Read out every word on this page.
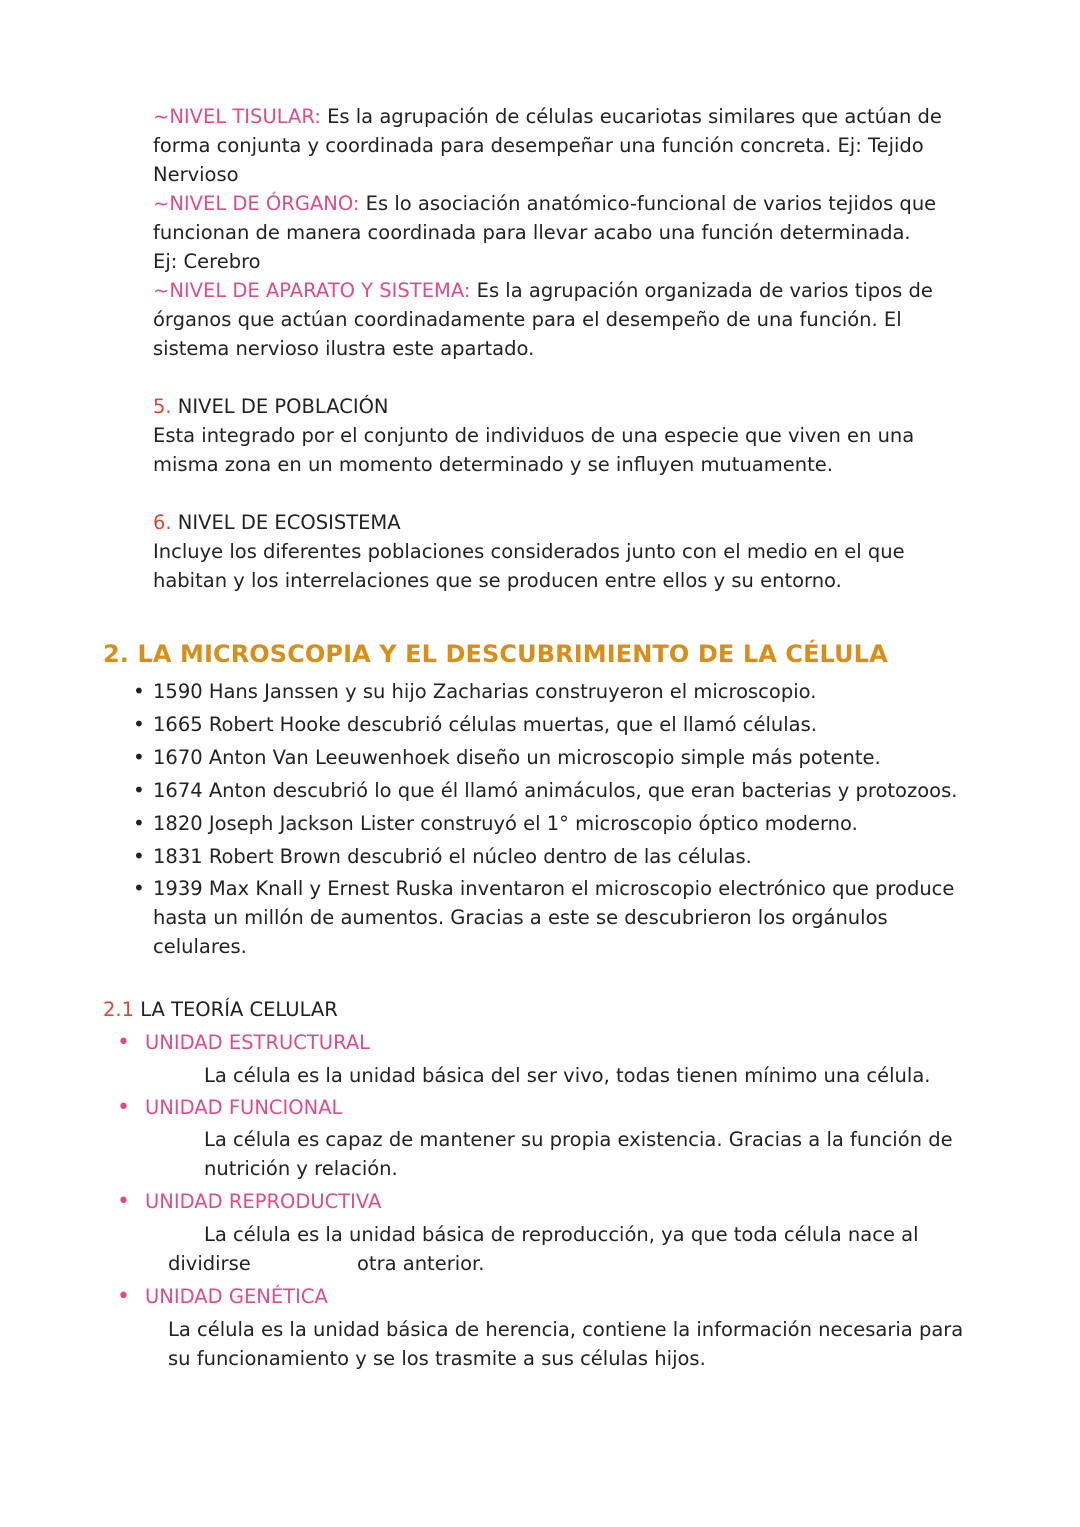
~NIVEL TISULAR: Es la agrupación de células eucariotas similares que actúan de
forma conjunta y coordinada para desempeñar una función concreta. Ej: Tejido
Nervioso
~NIVEL DE ÓRGANO: Es lo asociación anatómico-funcional de varios tejidos que
funcionan de manera coordinada para llevar acabo una función determinada.
Ej: Cerebro
~NIVEL DE APARATO Y SISTEMA: Es la agrupación organizada de varios tipos de
órganos que actúan coordinadamente para el desempeño de una función. El
sistema nervioso ilustra este apartado.
5. NIVEL DE POBLACIÓN
Esta integrado por el conjunto de individuos de una especie que viven en una
misma zona en un momento determinado y se influyen mutuamente.
6. NIVEL DE ECOSISTEMA
Incluye los diferentes poblaciones considerados junto con el medio en el que
habitan y los interrelaciones que se producen entre ellos y su entorno.
2. LA MICROSCOPIA Y EL DESCUBRIMIENTO DE LA CÉLULA
• 1590 Hans Janssen y su hijo Zacharias construyeron el microscopio.
• 1665 Robert Hooke descubrió células muertas, que el llamó células.
• 1670 Anton Van Leeuwenhoek diseño un microscopio simple más potente.
• 1674 Anton descubrió lo que él llamó animáculos, que eran bacterias y protozoos.
• 1820 Joseph Jackson Lister construyó el 1° microscopio óptico moderno.
• 1831 Robert Brown descubrió el núcleo dentro de las células.
• 1939 Max Knall y Ernest Ruska inventaron el microscopio electrónico que produce
hasta un millón de aumentos. Gracias a este se descubrieron los orgánulos
celulares.
2.1 LA TEORÍA CELULAR
• UNIDAD ESTRUCTURAL
La célula es la unidad básica del ser vivo, todas tienen mínimo una célula.
• UNIDAD FUNCIONAL
La célula es capaz de mantener su propia existencia. Gracias a la función de
nutrición y relación.
• UNIDAD REPRODUCTIVA
La célula es la unidad básica de reproducción, ya que toda célula nace al
dividirse	otra anterior.
• UNIDAD GENÉTICA
La célula es la unidad básica de herencia, contiene la información necesaria para
su funcionamiento y se los trasmite a sus células hijos.
